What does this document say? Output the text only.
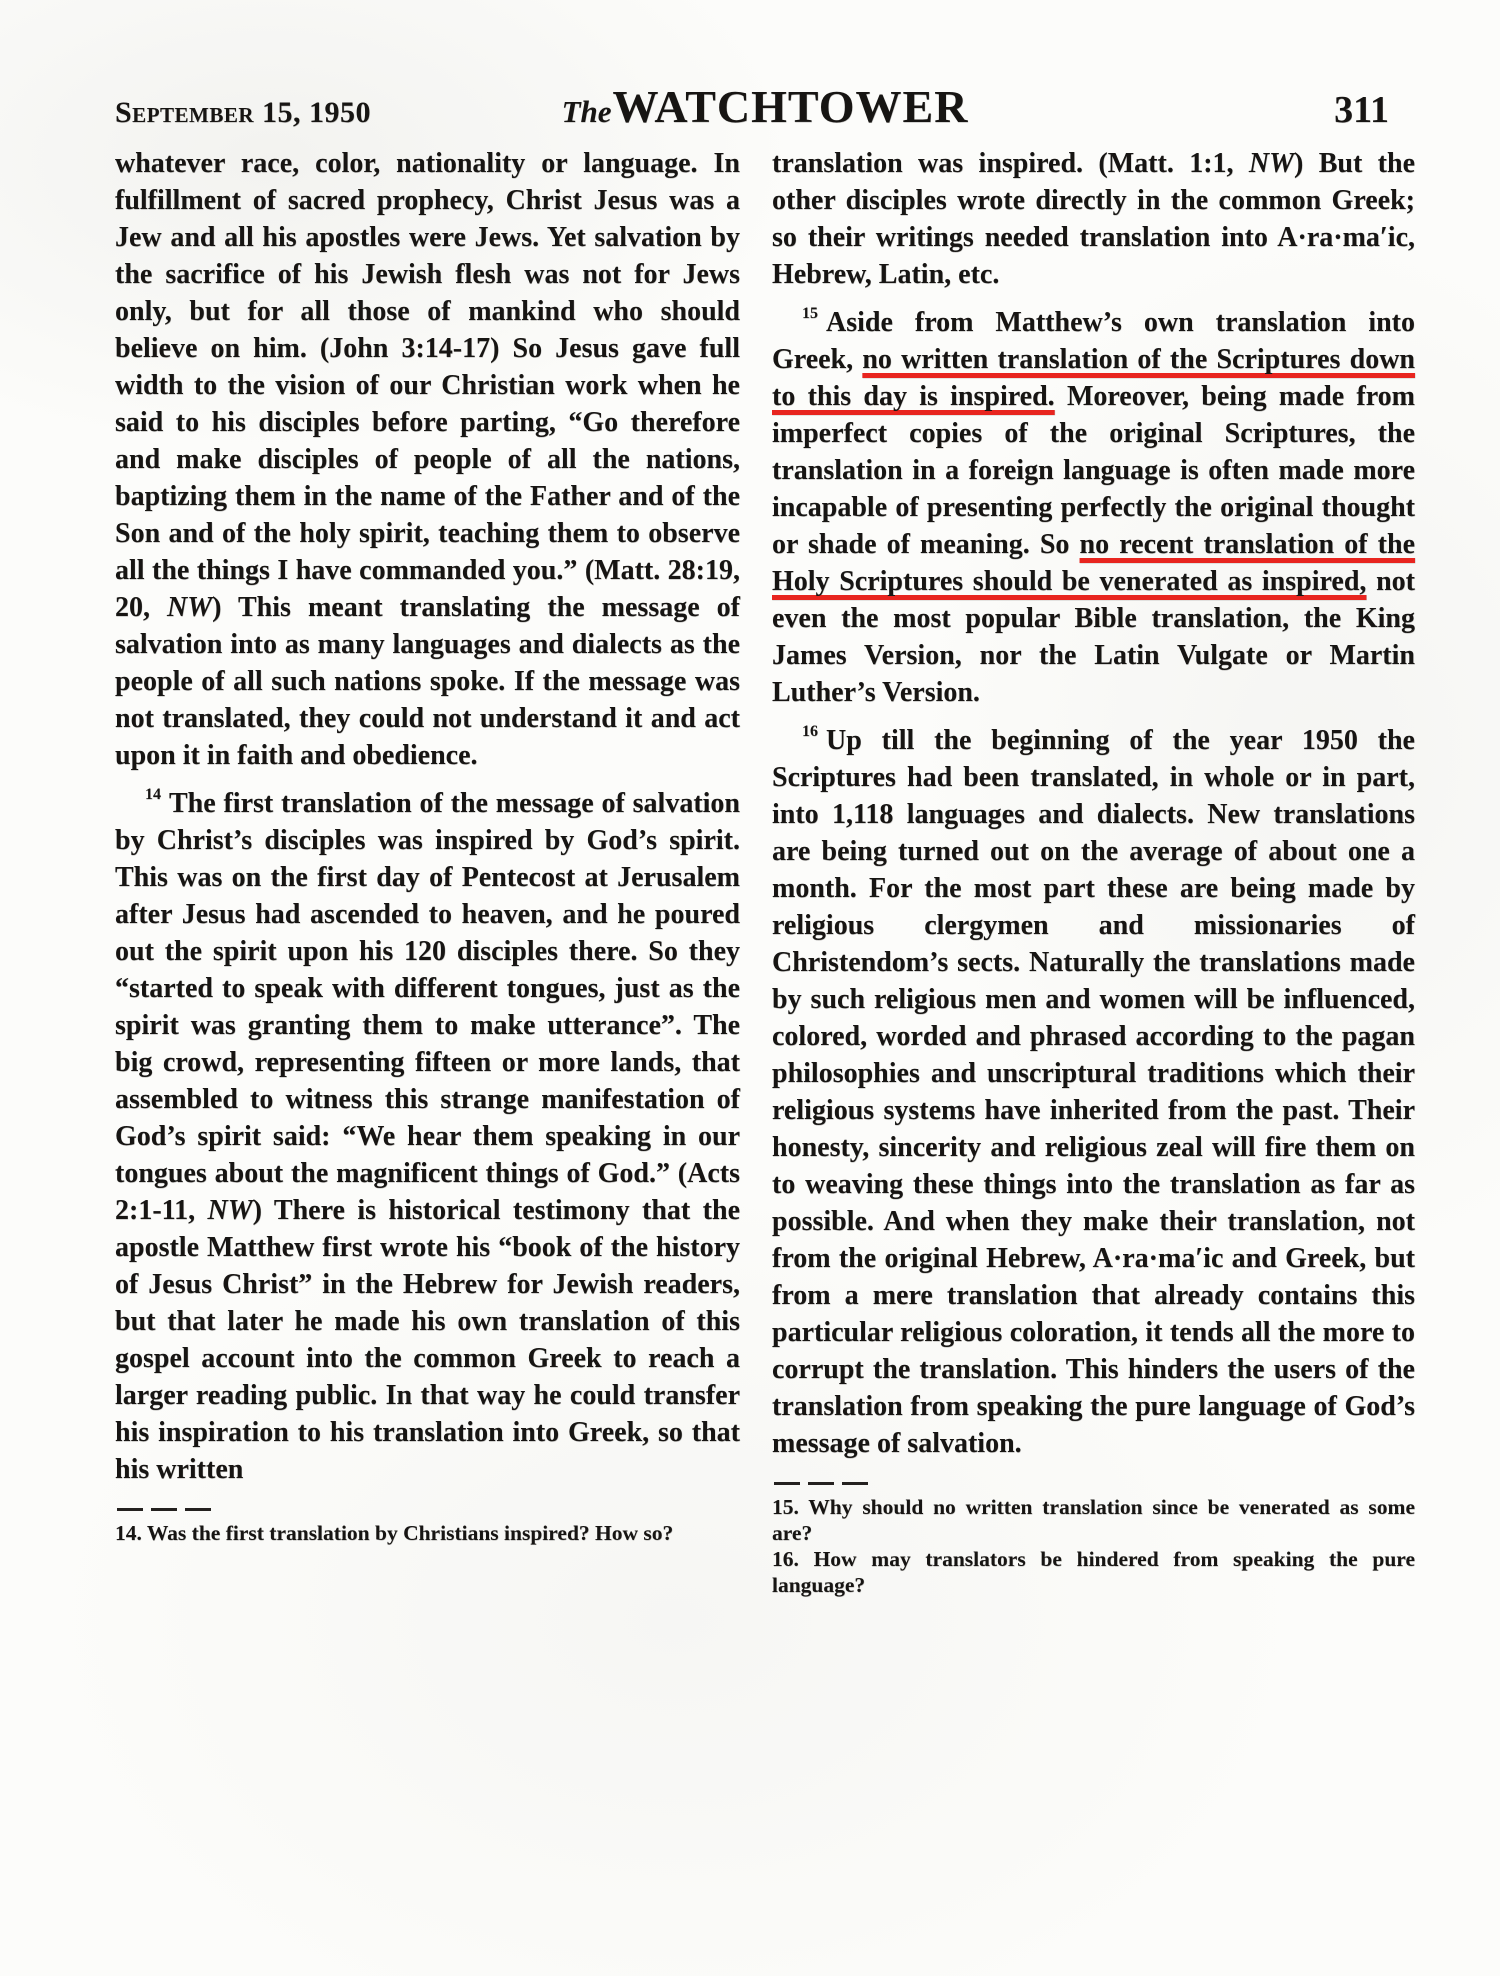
September 15, 1950	TheWATCHTOWER	311

whatever race, color, nationality or language. In fulfillment of sacred prophecy, Christ Jesus was a Jew and all his apostles were Jews. Yet salvation by the sacrifice of his Jewish flesh was not for Jews only, but for all those of mankind who should believe on him. (John 3:14-17) So Jesus gave full width to the vision of our Christian work when he said to his disciples before parting, “Go therefore and make disciples of people of all the nations, baptizing them in the name of the Father and of the Son and of the holy spirit, teaching them to observe all the things I have commanded you.” (Matt. 28:19, 20, NW) This meant translating the message of salvation into as many languages and dialects as the people of all such nations spoke. If the message was not translated, they could not understand it and act upon it in faith and obedience.

$^{14}$ The first translation of the message of salvation by Christ’s disciples was inspired by God’s spirit. This was on the first day of Pentecost at Jerusalem after Jesus had ascended to heaven, and he poured out the spirit upon his 120 disciples there. So they “started to speak with different tongues, just as the spirit was granting them to make utterance”. The big crowd, representing fifteen or more lands, that assembled to witness this strange manifestation of God’s spirit said: “We hear them speaking in our tongues about the magnificent things of God.” (Acts 2:1-11, NW) There is historical testimony that the apostle Matthew first wrote his “book of the history of Jesus Christ” in the Hebrew for Jewish readers, but that later he made his own translation of this gospel account into the common Greek to reach a larger reading public. In that way he could transfer his inspiration to his translation into Greek, so that his written

14. Was the first translation by Christians inspired? How so?

translation was inspired. (Matt. 1:1, NW) But the other disciples wrote directly in the common Greek; so their writings needed translation into A·ra·ma′ic, Hebrew, Latin, etc.

$^{15}$ Aside from Matthew’s own translation into Greek, no written translation of the Scriptures down to this day is inspired. Moreover, being made from imperfect copies of the original Scriptures, the translation in a foreign language is often made more incapable of presenting perfectly the original thought or shade of meaning. So no recent translation of the Holy Scriptures should be venerated as inspired, not even the most popular Bible translation, the King James Version, nor the Latin Vulgate or Martin Luther’s Version.

$^{16}$ Up till the beginning of the year 1950 the Scriptures had been translated, in whole or in part, into 1,118 languages and dialects. New translations are being turned out on the average of about one a month. For the most part these are being made by religious clergymen and missionaries of Christendom’s sects. Naturally the translations made by such religious men and women will be influenced, colored, worded and phrased according to the pagan philosophies and unscriptural traditions which their religious systems have inherited from the past. Their honesty, sincerity and religious zeal will fire them on to weaving these things into the translation as far as possible. And when they make their translation, not from the original Hebrew, A·ra·ma′ic and Greek, but from a mere translation that already contains this particular religious coloration, it tends all the more to corrupt the translation. This hinders the users of the translation from speaking the pure language of God’s message of salvation.

15. Why should no written translation since be venerated as some are?

16. How may translators be hindered from speaking the pure language?
